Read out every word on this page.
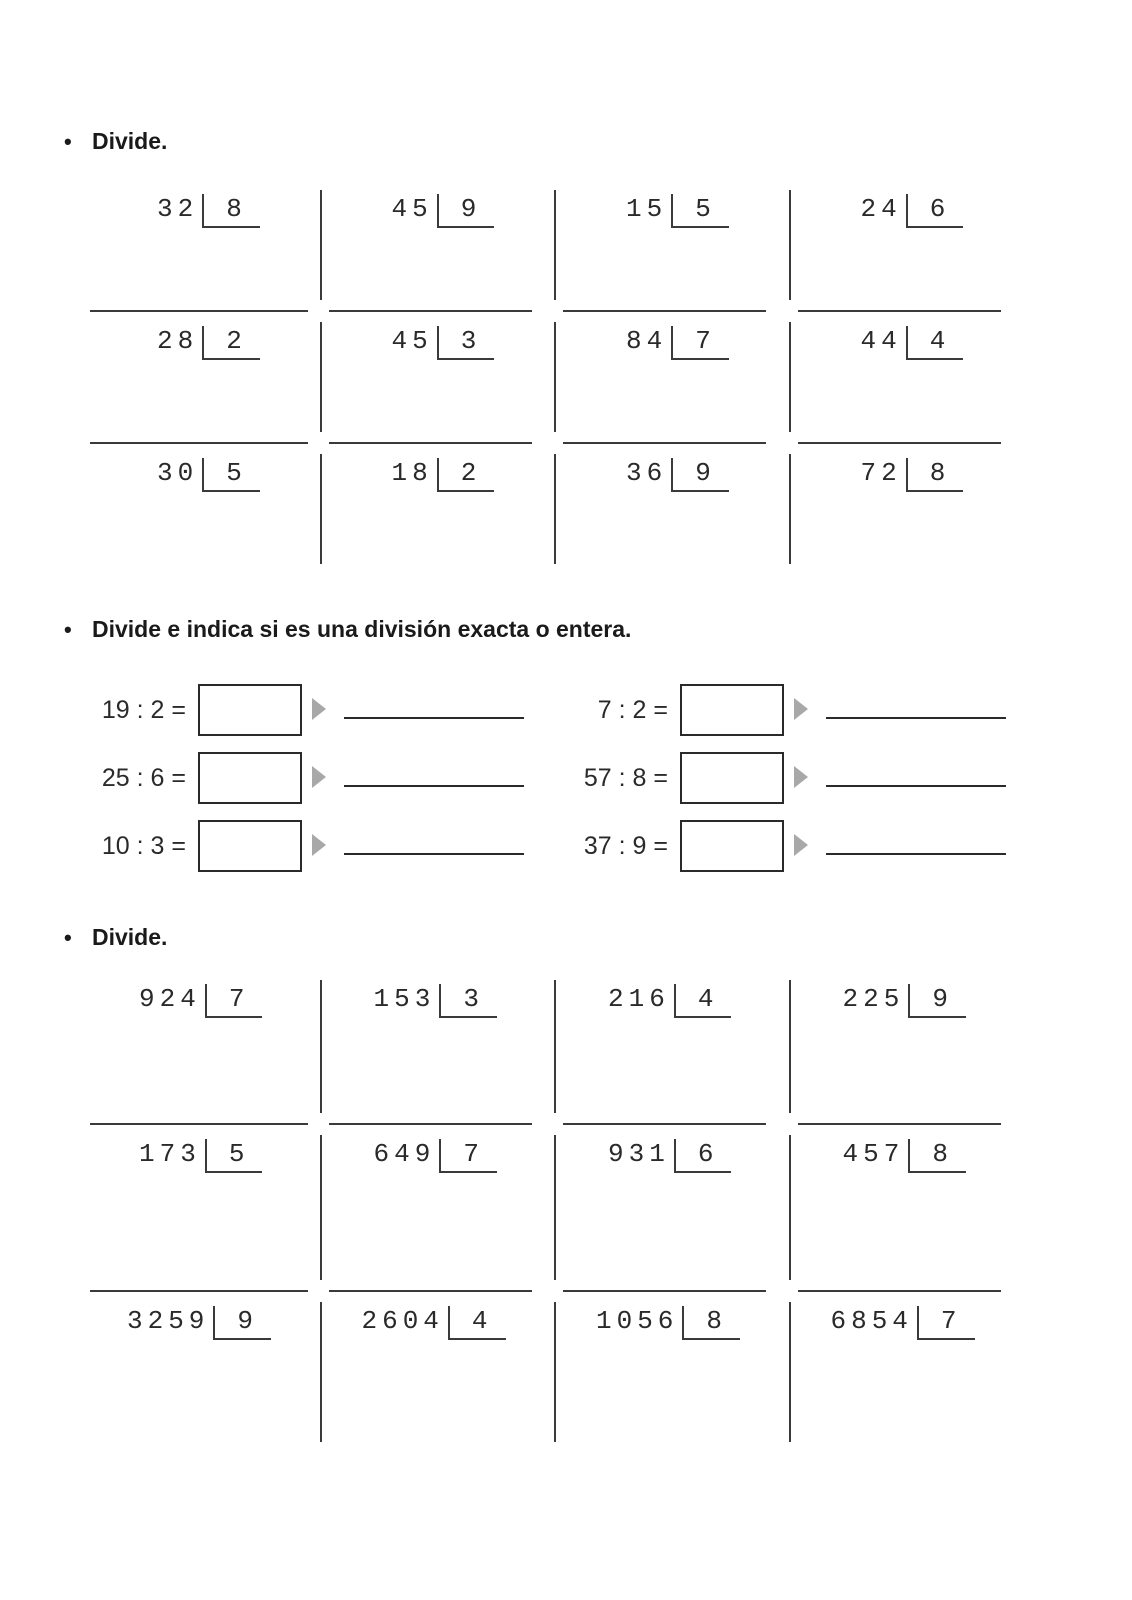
• Divide.
32	8	45	9	15	5	24	6
28	2	45	3	84	7	44	4
30	5	18	2	36	9	72	8
• Divide e indica si es una división exacta o entera.
19 : 2 =
25 : 6 =
10 : 3 =
7 : 2 =
57 : 8 =
37 : 9 =
• Divide.
924	7	153	3	216	4	225	9
173	5	649	7	931	6	457	8
3259	9	2604	4	1056	8	6854	7
